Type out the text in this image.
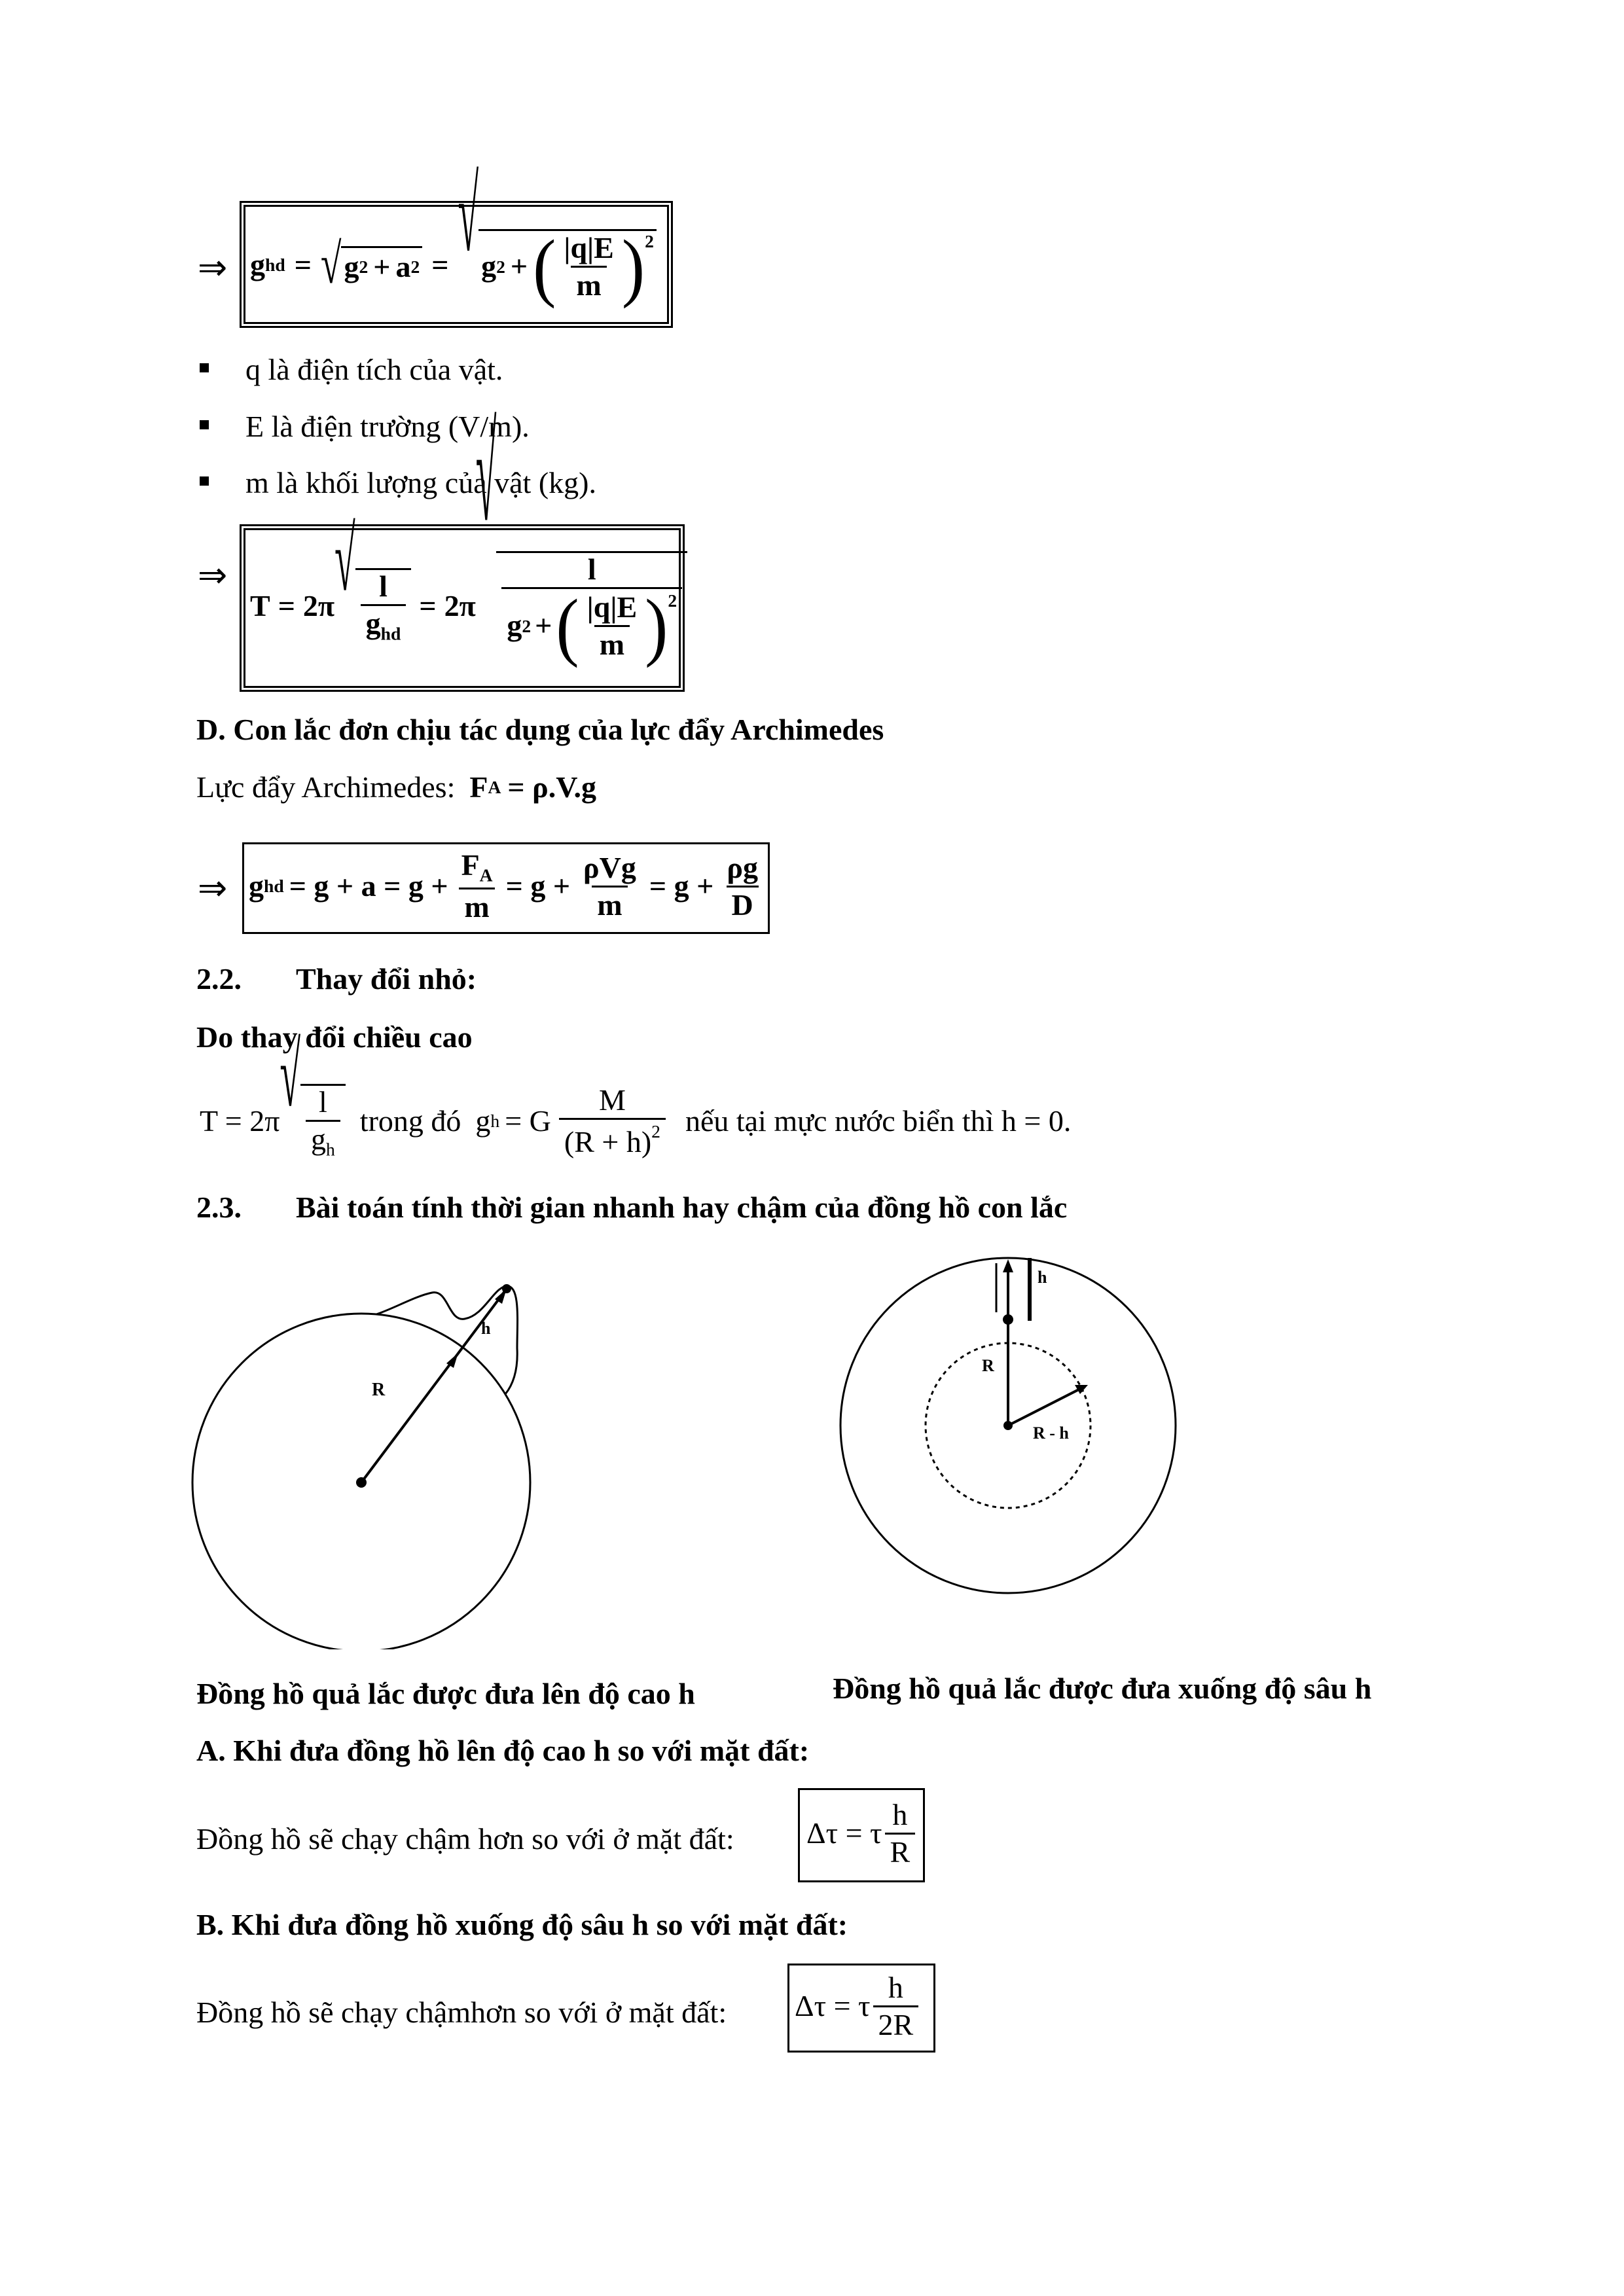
⇒ g hd = √ g 2 + a 2 = √ g 2 + ( $\frac{|q|E}{m}$ ) 2
q là điện tích của vật.
E là điện trường (V/m).
m là khối lượng của vật (kg).
⇒
T = 2π √ $\frac{l}{g_{hd}} = 2\pi$
√
l
g 2 + ( $\frac{|q|E}{m}$ ) 2
D. Con lắc đơn chịu tác dụng của lực đẩy Archimedes
Lực đẩy Archimedes: F A = ρ.V.g
⇒ g hd = $g + a = g + \frac{F_A}{m} = g + \frac{\text{ρVg}}{m} = g + \frac{\rho g}{D}$
2.2. Thay đổi nhỏ:
Do thay đổi chiều cao
T = 2π √ $\frac{l}{g_h}$ trong đó g h = G $\frac{M}{(R + h)^2}$ nếu tại mực nước biển thì h = 0.
2.3. Bài toán tính thời gian nhanh hay chậm của đồng hồ con lắc
R
h
h
R
R - h
Đồng hồ quả lắc được đưa lên độ cao h	Đồng hồ quả lắc được đưa xuống độ sâu h
A. Khi đưa đồng hồ lên độ cao h so với mặt đất:
Đồng hồ sẽ chạy chậm hơn so với ở mặt đất: Δτ = τ $\frac{h}{R}$
B. Khi đưa đồng hồ xuống độ sâu h so với mặt đất:
Đồng hồ sẽ chạy chậmhơn so với ở mặt đất: Δτ = τ $\frac{h}{2R}$
